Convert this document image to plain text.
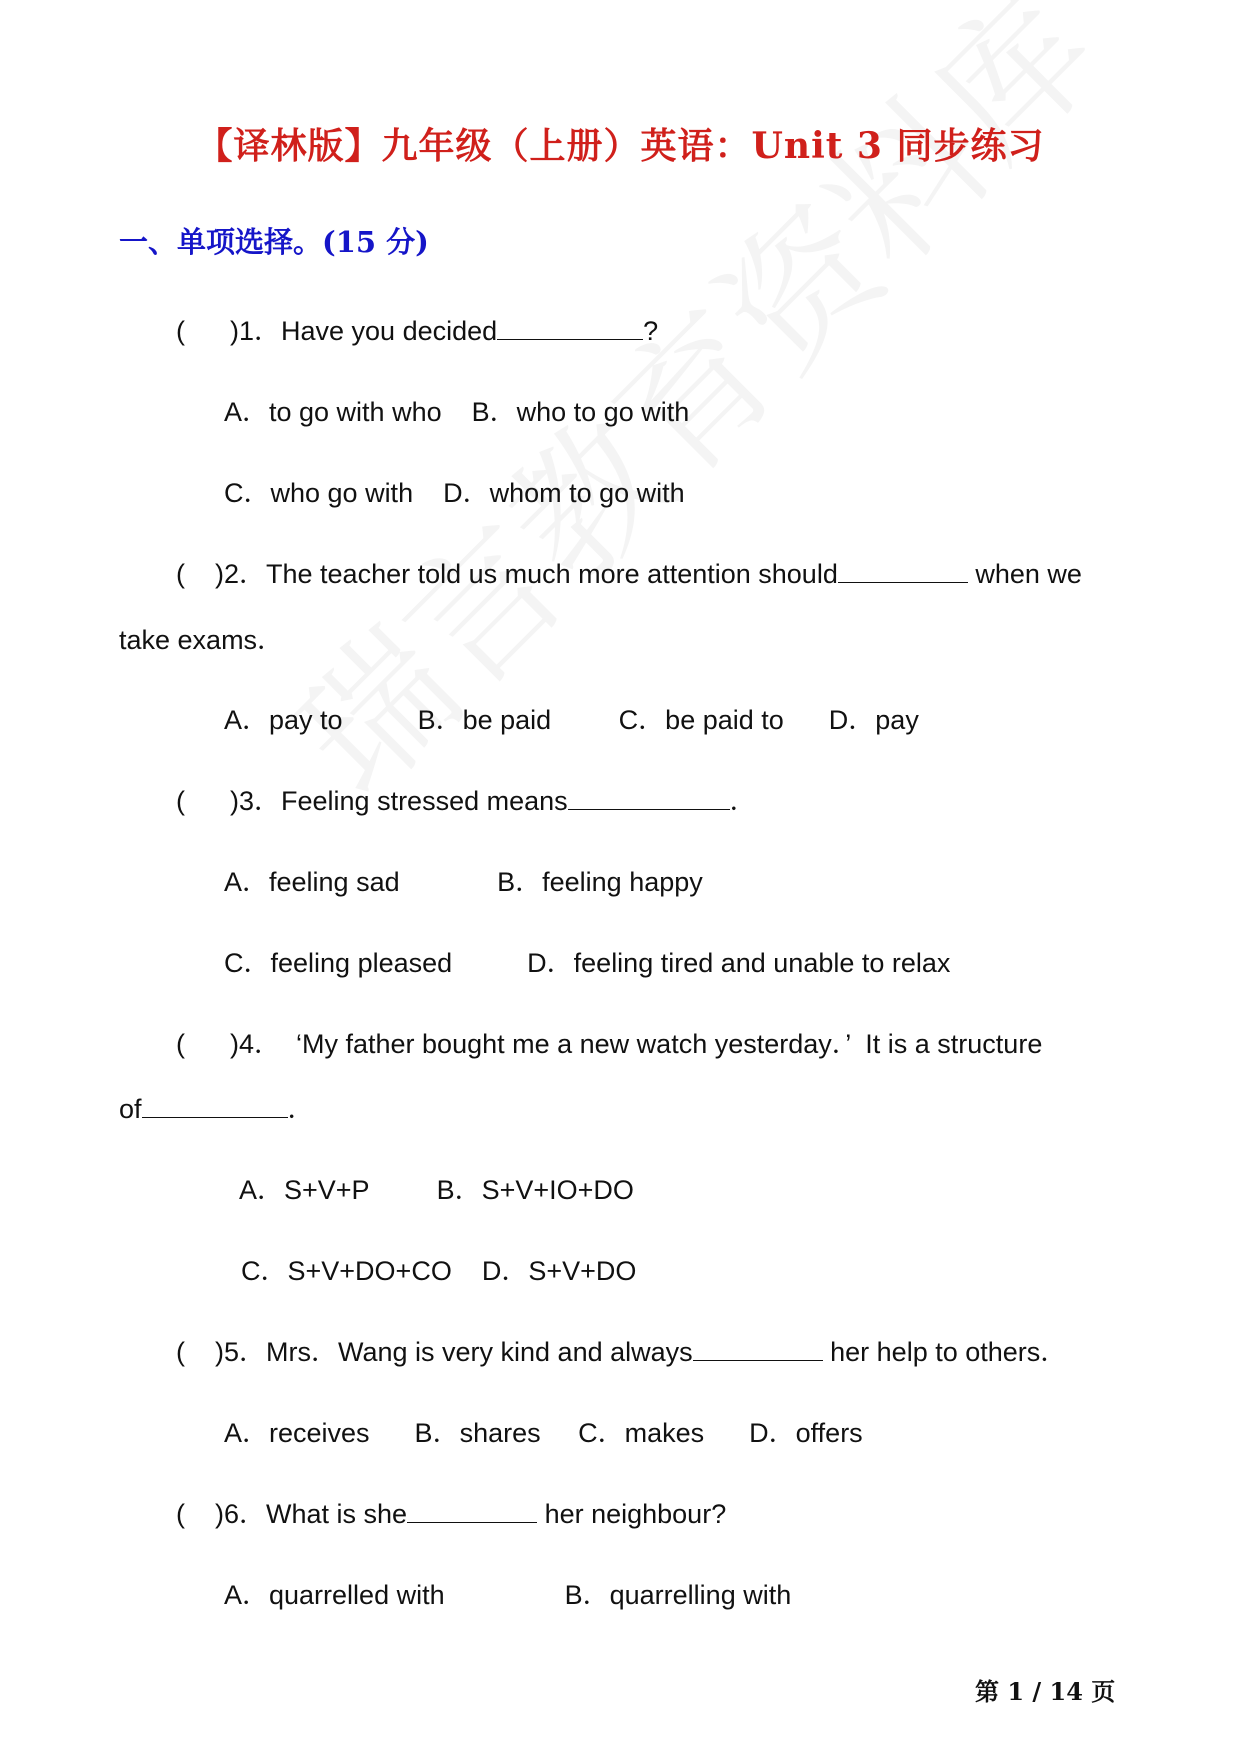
【译林版】九年级（上册）英语：Unit 3 同步练习
一、单项选择。(15 分)
(      )1．Have you decided	?
A．to go with who    B．who to go with
C．who go with    D．whom to go with
(    )2．The teacher told us much more attention should	when we
take exams．
A．pay to          B．be paid         C．be paid to      D．pay
(      )3．Feeling stressed means	．
A．feeling sad             B．feeling happy
C．feeling pleased          D．feeling tired and unable to relax
(      )4．  ‘My father bought me a new watch yesterday．’  It is a structure
of	．
A．S+V+P         B．S+V+IO+DO
C．S+V+DO+CO    D．S+V+DO
(    )5．Mrs．Wang is very kind and always	her help to others．
A．receives      B．shares     C．makes      D．offers
(    )6．What is she	her neighbour?
A．quarrelled with                B．quarrelling with
第 1 / 14 页
